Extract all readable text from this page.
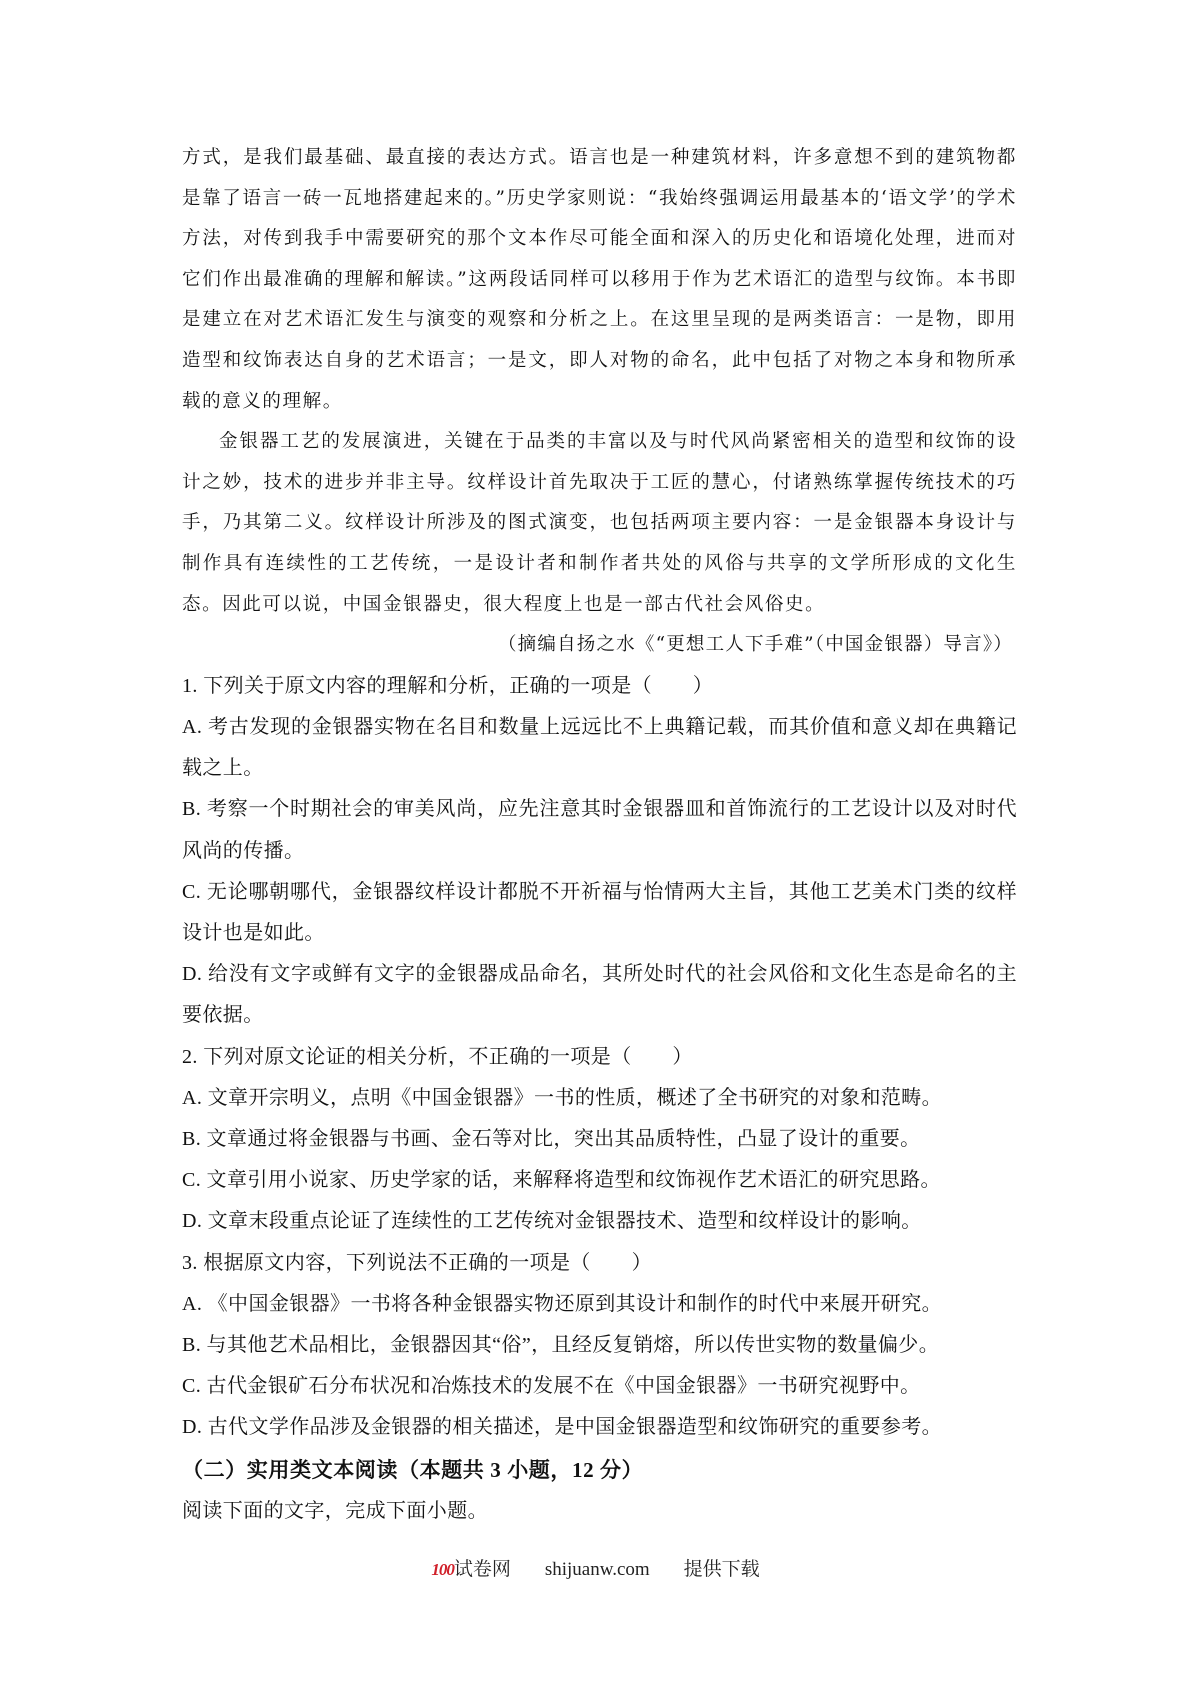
方式，是我们最基础、最直接的表达方式。语言也是一种建筑材料，许多意想不到的建筑物都是靠了语言一砖一瓦地搭建起来的。”历史学家则说：“我始终强调运用最基本的‘语文学’的学术方法，对传到我手中需要研究的那个文本作尽可能全面和深入的历史化和语境化处理，进而对它们作出最准确的理解和解读。”这两段话同样可以移用于作为艺术语汇的造型与纹饰。本书即是建立在对艺术语汇发生与演变的观察和分析之上。在这里呈现的是两类语言：一是物，即用造型和纹饰表达自身的艺术语言；一是文，即人对物的命名，此中包括了对物之本身和物所承载的意义的理解。

金银器工艺的发展演进，关键在于品类的丰富以及与时代风尚紧密相关的造型和纹饰的设计之妙，技术的进步并非主导。纹样设计首先取决于工匠的慧心，付诸熟练掌握传统技术的巧手，乃其第二义。纹样设计所涉及的图式演变，也包括两项主要内容：一是金银器本身设计与制作具有连续性的工艺传统，一是设计者和制作者共处的风俗与共享的文学所形成的文化生态。因此可以说，中国金银器史，很大程度上也是一部古代社会风俗史。

（摘编自扬之水《“更想工人下手难”（中国金银器）导言》）

1. 下列关于原文内容的理解和分析，正确的一项是（　　）

A. 考古发现的金银器实物在名目和数量上远远比不上典籍记载，而其价值和意义却在典籍记载之上。

B. 考察一个时期社会的审美风尚，应先注意其时金银器皿和首饰流行的工艺设计以及对时代风尚的传播。

C. 无论哪朝哪代，金银器纹样设计都脱不开祈福与怡情两大主旨，其他工艺美术门类的纹样设计也是如此。

D. 给没有文字或鲜有文字的金银器成品命名，其所处时代的社会风俗和文化生态是命名的主要依据。

2. 下列对原文论证的相关分析，不正确的一项是（　　）

A. 文章开宗明义，点明《中国金银器》一书的性质，概述了全书研究的对象和范畴。

B. 文章通过将金银器与书画、金石等对比，突出其品质特性，凸显了设计的重要。

C. 文章引用小说家、历史学家的话，来解释将造型和纹饰视作艺术语汇的研究思路。

D. 文章末段重点论证了连续性的工艺传统对金银器技术、造型和纹样设计的影响。

3. 根据原文内容，下列说法不正确的一项是（　　）

A. 《中国金银器》一书将各种金银器实物还原到其设计和制作的时代中来展开研究。

B. 与其他艺术品相比，金银器因其“俗”，且经反复销熔，所以传世实物的数量偏少。

C. 古代金银矿石分布状况和冶炼技术的发展不在《中国金银器》一书研究视野中。

D. 古代文学作品涉及金银器的相关描述，是中国金银器造型和纹饰研究的重要参考。

（二）实用类文本阅读（本题共 3 小题，12 分）

阅读下面的文字，完成下面小题。

100试卷网 shijuanw.com 提供下载
